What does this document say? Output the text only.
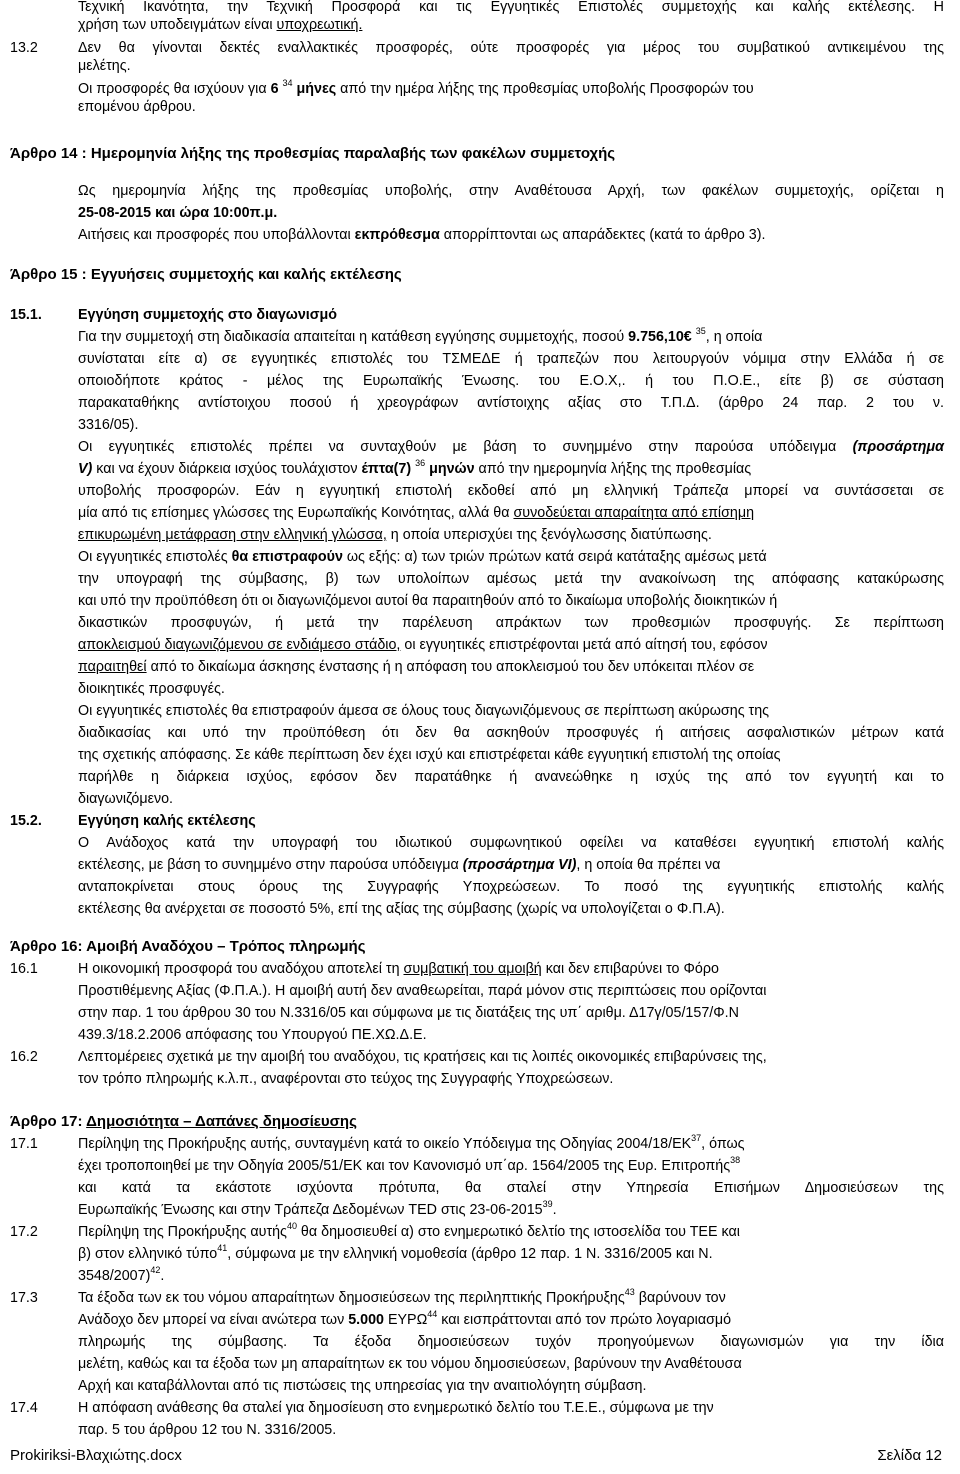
Τεχνική Ικανότητα, την Τεχνική Προσφορά και τις Εγγυητικές Επιστολές συμμετοχής και καλής εκτέλεσης. Η
χρήση των υποδειγμάτων είναι υποχρεωτική.
13.2	Δεν θα γίνονται δεκτές εναλλακτικές προσφορές, ούτε προσφορές για μέρος του συμβατικού αντικειμένου της
μελέτης.
Οι προσφορές θα ισχύουν για 6 $^{34}$ μήνες από την ημέρα λήξης της προθεσμίας υποβολής Προσφορών του
επομένου άρθρου.
Άρθρο 14 : Ημερομηνία λήξης της προθεσμίας παραλαβής των φακέλων συμμετοχής
Ως ημερομηνία λήξης της προθεσμίας υποβολής, στην Αναθέτουσα Αρχή, των φακέλων συμμετοχής, ορίζεται η
25-08-2015 και ώρα 10:00π.μ.
Αιτήσεις και προσφορές που υποβάλλονται εκπρόθεσμα απορρίπτονται ως απαράδεκτες (κατά το άρθρο 3).
Άρθρο 15 : Εγγυήσεις συμμετοχής και καλής εκτέλεσης
15.1.	Εγγύηση συμμετοχής στο διαγωνισμό
Για την συμμετοχή στη διαδικασία απαιτείται η κατάθεση εγγύησης συμμετοχής, ποσού 9.756,10€ $^{35}$, η οποία
συνίσταται είτε α) σε εγγυητικές επιστολές του ΤΣΜΕΔΕ ή τραπεζών που λειτουργούν νόμιμα στην Ελλάδα ή σε
οποιοδήποτε κράτος - μέλος της Ευρωπαϊκής Ένωσης. του Ε.Ο.Χ,. ή του Π.Ο.Ε., είτε β) σε σύσταση
παρακαταθήκης αντίστοιχου ποσού ή χρεογράφων αντίστοιχης αξίας στο Τ.Π.Δ. (άρθρο 24 παρ. 2 του ν.
3316/05).
Οι εγγυητικές επιστολές πρέπει να συνταχθούν με βάση το συνημμένο στην παρούσα υπόδειγμα (προσάρτημα
V) και να έχουν διάρκεια ισχύος τουλάχιστον έπτα(7) $^{36}$ μηνών από την ημερομηνία λήξης της προθεσμίας
υποβολής προσφορών. Εάν η εγγυητική επιστολή εκδοθεί από μη ελληνική Τράπεζα μπορεί να συντάσσεται σε
μία από τις επίσημες γλώσσες της Ευρωπαϊκής Κοινότητας, αλλά θα συνοδεύεται απαραίτητα από επίσημη
επικυρωμένη μετάφραση στην ελληνική γλώσσα, η οποία υπερισχύει της ξενόγλωσσης διατύπωσης.
Οι εγγυητικές επιστολές θα επιστραφούν ως εξής: α) των τριών πρώτων κατά σειρά κατάταξης αμέσως μετά
την υπογραφή της σύμβασης, β) των υπολοίπων αμέσως μετά την ανακοίνωση της απόφασης κατακύρωσης
και υπό την προϋπόθεση ότι οι διαγωνιζόμενοι αυτοί θα παραιτηθούν από το δικαίωμα υποβολής διοικητικών ή
δικαστικών προσφυγών, ή μετά την παρέλευση απράκτων των προθεσμιών προσφυγής. Σε περίπτωση
αποκλεισμού διαγωνιζόμενου σε ενδιάμεσο στάδιο, οι εγγυητικές επιστρέφονται μετά από αίτησή του, εφόσον
παραιτηθεί από το δικαίωμα άσκησης ένστασης ή η απόφαση του αποκλεισμού του δεν υπόκειται πλέον σε
διοικητικές προσφυγές.
Οι εγγυητικές επιστολές θα επιστραφούν άμεσα σε όλους τους διαγωνιζόμενους σε περίπτωση ακύρωσης της
διαδικασίας και υπό την προϋπόθεση ότι δεν θα ασκηθούν προσφυγές ή αιτήσεις ασφαλιστικών μέτρων κατά
της σχετικής απόφασης. Σε κάθε περίπτωση δεν έχει ισχύ και επιστρέφεται κάθε εγγυητική επιστολή της οποίας
παρήλθε η διάρκεια ισχύος, εφόσον δεν παρατάθηκε ή ανανεώθηκε η ισχύς της από τον εγγυητή και το
διαγωνιζόμενο.
15.2.	Εγγύηση καλής εκτέλεσης
Ο Ανάδοχος κατά την υπογραφή του ιδιωτικού συμφωνητικού οφείλει να καταθέσει εγγυητική επιστολή καλής
εκτέλεσης, με βάση το συνημμένο στην παρούσα υπόδειγμα (προσάρτημα VI), η οποία θα πρέπει να
ανταποκρίνεται στους όρους της Συγγραφής Υποχρεώσεων. Το ποσό της εγγυητικής επιστολής καλής
εκτέλεσης θα ανέρχεται σε ποσοστό 5%, επί της αξίας της σύμβασης (χωρίς να υπολογίζεται ο Φ.Π.Α).
Άρθρο 16: Αμοιβή Αναδόχου – Τρόπος πληρωμής
16.1	Η οικονομική προσφορά του αναδόχου αποτελεί τη συμβατική του αμοιβή και δεν επιβαρύνει το Φόρο
Προστιθέμενης Αξίας (Φ.Π.Α.). Η αμοιβή αυτή δεν αναθεωρείται, παρά μόνον στις περιπτώσεις που ορίζονται
στην παρ. 1 του άρθρου 30 του Ν.3316/05 και σύμφωνα με τις διατάξεις της υπ΄ αριθμ. Δ17γ/05/157/Φ.Ν
439.3/18.2.2006 απόφασης του Υπουργού ΠΕ.ΧΩ.Δ.Ε.
16.2	Λεπτομέρειες σχετικά με την αμοιβή του αναδόχου, τις κρατήσεις και τις λοιπές οικονομικές επιβαρύνσεις της,
τον τρόπο πληρωμής κ.λ.π., αναφέρονται στο τεύχος της Συγγραφής Υποχρεώσεων.
Άρθρο 17: Δημοσιότητα – Δαπάνες δημοσίευσης
17.1	Περίληψη της Προκήρυξης αυτής, συνταγμένη κατά το οικείο Υπόδειγμα της Οδηγίας 2004/18/ΕΚ$^{37}$, όπως
έχει τροποποιηθεί με την Οδηγία 2005/51/ΕΚ και τον Κανονισμό υπ΄αρ. 1564/2005 της Ευρ. Επιτροπής$^{38}$
και κατά τα εκάστοτε ισχύοντα πρότυπα, θα σταλεί στην Υπηρεσία Επισήμων Δημοσιεύσεων της
Ευρωπαϊκής Ένωσης και στην Τράπεζα Δεδομένων TED στις 23-06-2015$^{39}$.
17.2	Περίληψη της Προκήρυξης αυτής$^{40}$ θα δημοσιευθεί α) στο ενημερωτικό δελτίο της ιστοσελίδα του ΤΕΕ και
β) στον ελληνικό τύπο$^{41}$, σύμφωνα με την ελληνική νομοθεσία (άρθρο 12 παρ. 1 Ν. 3316/2005 και Ν.
3548/2007)$^{42}$.
17.3	Τα έξοδα των εκ του νόμου απαραίτητων δημοσιεύσεων της περιληπτικής Προκήρυξης$^{43}$ βαρύνουν τον
Ανάδοχο δεν μπορεί να είναι ανώτερα των 5.000 ΕΥΡΩ$^{44}$ και εισπράττονται από τον πρώτο λογαριασμό
πληρωμής της σύμβασης. Τα έξοδα δημοσιεύσεων τυχόν προηγούμενων διαγωνισμών για την ίδια
μελέτη, καθώς και τα έξοδα των μη απαραίτητων εκ του νόμου δημοσιεύσεων, βαρύνουν την Αναθέτουσα
Αρχή και καταβάλλονται από τις πιστώσεις της υπηρεσίας για την αναιτιολόγητη σύμβαση.
17.4	Η απόφαση ανάθεσης θα σταλεί για δημοσίευση στο ενημερωτικό δελτίο του Τ.Ε.Ε., σύμφωνα με την
παρ. 5 του άρθρου 12 του Ν. 3316/2005.
Prokiriksi-Βλαχιώτης.docx	Σελίδα 12
